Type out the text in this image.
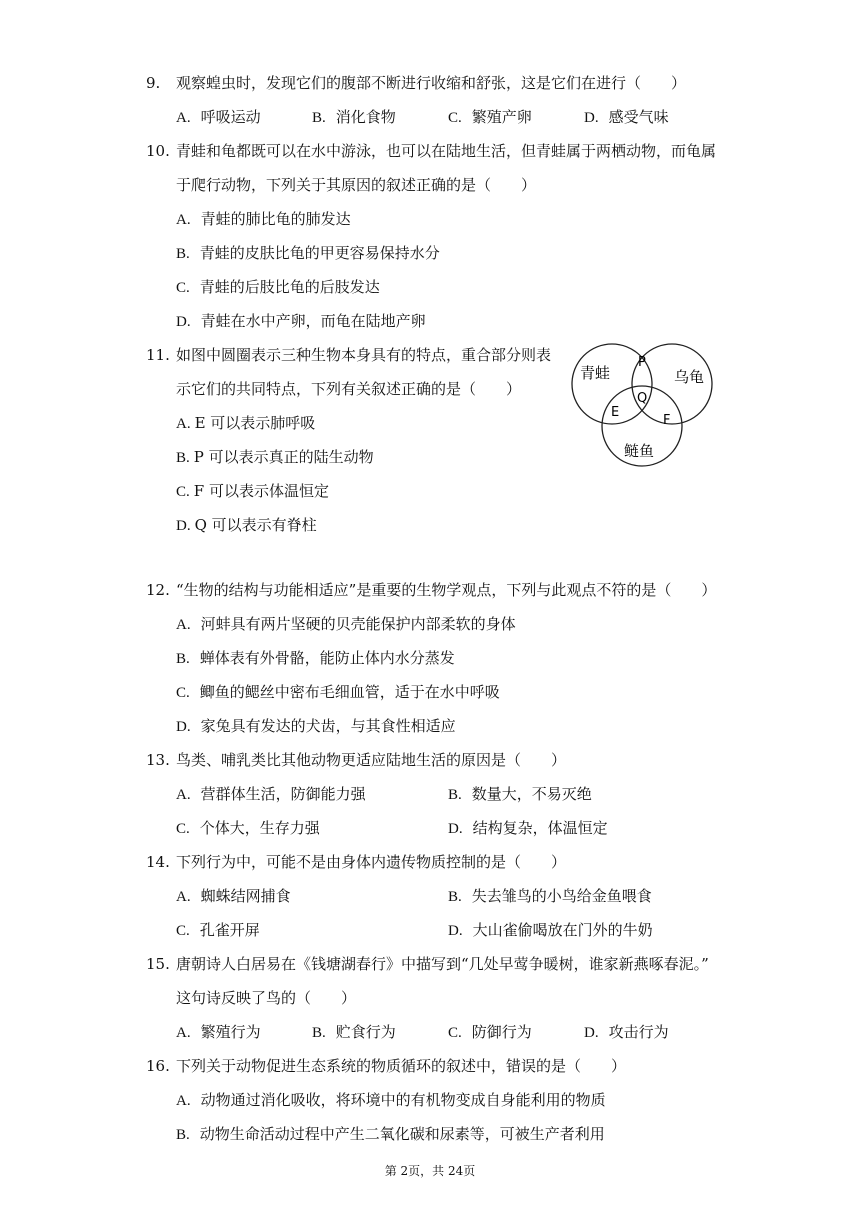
9. 观察蝗虫时，发现它们的腹部不断进行收缩和舒张，这是它们在进行（　　）
A. 呼吸运动	B. 消化食物	C. 繁殖产卵	D. 感受气味
10. 青蛙和龟都既可以在水中游泳，也可以在陆地生活，但青蛙属于两栖动物，而龟属
于爬行动物，下列关于其原因的叙述正确的是（　　）
A. 青蛙的肺比龟的肺发达
B. 青蛙的皮肤比龟的甲更容易保持水分
C. 青蛙的后肢比龟的后肢发达
D. 青蛙在水中产卵，而龟在陆地产卵
11. 如图中圆圈表示三种生物本身具有的特点，重合部分则表
示它们的共同特点，下列有关叙述正确的是（　　）
A. E 可以表示肺呼吸
B. P 可以表示真正的陆生动物
C. F 可以表示体温恒定
D. Q 可以表示有脊柱
青蛙	乌龟
鲢鱼
P
Q
E
F
12. “生物的结构与功能相适应”是重要的生物学观点，下列与此观点不符的是（　　）
A. 河蚌具有两片坚硬的贝壳能保护内部柔软的身体
B. 蝉体表有外骨骼，能防止体内水分蒸发
C. 鲫鱼的鳃丝中密布毛细血管，适于在水中呼吸
D. 家兔具有发达的犬齿，与其食性相适应
13. 鸟类、哺乳类比其他动物更适应陆地生活的原因是（　　）
A. 营群体生活，防御能力强	B. 数量大，不易灭绝
C. 个体大，生存力强	D. 结构复杂，体温恒定
14. 下列行为中，可能不是由身体内遗传物质控制的是（　　）
A. 蜘蛛结网捕食	B. 失去雏鸟的小鸟给金鱼喂食
C. 孔雀开屏	D. 大山雀偷喝放在门外的牛奶
15. 唐朝诗人白居易在《钱塘湖春行》中描写到“几处早莺争暖树，谁家新燕啄春泥。”
这句诗反映了鸟的（　　）
A. 繁殖行为	B. 贮食行为	C. 防御行为	D. 攻击行为
16. 下列关于动物促进生态系统的物质循环的叙述中，错误的是（　　）
A. 动物通过消化吸收，将环境中的有机物变成自身能利用的物质
B. 动物生命活动过程中产生二氧化碳和尿素等，可被生产者利用
第 2页，共 24页
